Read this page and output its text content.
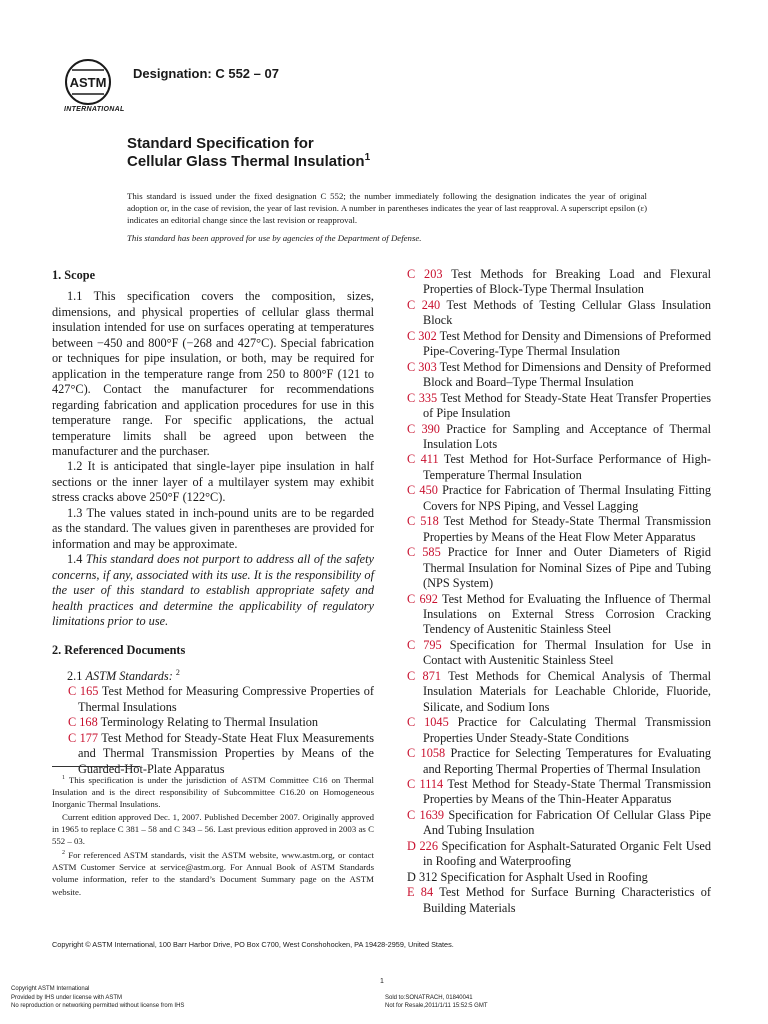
ASTM
INTERNATIONAL
Designation: C 552 – 07
Standard Specification for
Cellular Glass Thermal Insulation$^1$

This standard is issued under the fixed designation C 552; the number immediately following the designation indicates the year of original adoption or, in the case of revision, the year of last revision. A number in parentheses indicates the year of last reapproval. A superscript epsilon (ε) indicates an editorial change since the last revision or reapproval.

This standard has been approved for use by agencies of the Department of Defense.

1. Scope

1.1 This specification covers the composition, sizes, dimensions, and physical properties of cellular glass thermal insulation intended for use on surfaces operating at temperatures between −450 and 800°F (−268 and 427°C). Special fabrication or techniques for pipe insulation, or both, may be required for application in the temperature range from 250 to 800°F (121 to 427°C). Contact the manufacturer for recommendations regarding fabrication and application procedures for use in this temperature range. For specific applications, the actual temperature limits shall be agreed upon between the manufacturer and the purchaser.

1.2 It is anticipated that single-layer pipe insulation in half sections or the inner layer of a multilayer system may exhibit stress cracks above 250°F (122°C).

1.3 The values stated in inch-pound units are to be regarded as the standard. The values given in parentheses are provided for information and may be approximate.

1.4 This standard does not purport to address all of the safety concerns, if any, associated with its use. It is the responsibility of the user of this standard to establish appropriate safety and health practices and determine the applicability of regulatory limitations prior to use.

2. Referenced Documents

2.1 ASTM Standards: $^2$

C 165 Test Method for Measuring Compressive Properties of Thermal Insulations

C 168 Terminology Relating to Thermal Insulation

C 177 Test Method for Steady-State Heat Flux Measurements and Thermal Transmission Properties by Means of the Guarded-Hot-Plate Apparatus

C 203 Test Methods for Breaking Load and Flexural Properties of Block-Type Thermal Insulation

C 240 Test Methods of Testing Cellular Glass Insulation Block

C 302 Test Method for Density and Dimensions of Preformed Pipe-Covering-Type Thermal Insulation

C 303 Test Method for Dimensions and Density of Preformed Block and Board–Type Thermal Insulation

C 335 Test Method for Steady-State Heat Transfer Properties of Pipe Insulation

C 390 Practice for Sampling and Acceptance of Thermal Insulation Lots

C 411 Test Method for Hot-Surface Performance of High-Temperature Thermal Insulation

C 450 Practice for Fabrication of Thermal Insulating Fitting Covers for NPS Piping, and Vessel Lagging

C 518 Test Method for Steady-State Thermal Transmission Properties by Means of the Heat Flow Meter Apparatus

C 585 Practice for Inner and Outer Diameters of Rigid Thermal Insulation for Nominal Sizes of Pipe and Tubing (NPS System)

C 692 Test Method for Evaluating the Influence of Thermal Insulations on External Stress Corrosion Cracking Tendency of Austenitic Stainless Steel

C 795 Specification for Thermal Insulation for Use in Contact with Austenitic Stainless Steel

C 871 Test Methods for Chemical Analysis of Thermal Insulation Materials for Leachable Chloride, Fluoride, Silicate, and Sodium Ions

C 1045 Practice for Calculating Thermal Transmission Properties Under Steady-State Conditions

C 1058 Practice for Selecting Temperatures for Evaluating and Reporting Thermal Properties of Thermal Insulation

C 1114 Test Method for Steady-State Thermal Transmission Properties by Means of the Thin-Heater Apparatus

C 1639 Specification for Fabrication Of Cellular Glass Pipe And Tubing Insulation

D 226 Specification for Asphalt-Saturated Organic Felt Used in Roofing and Waterproofing

D 312 Specification for Asphalt Used in Roofing

E 84 Test Method for Surface Burning Characteristics of Building Materials

$^1$ This specification is under the jurisdiction of ASTM Committee C16 on Thermal Insulation and is the direct responsibility of Subcommittee C16.20 on Homogeneous Inorganic Thermal Insulations.

Current edition approved Dec. 1, 2007. Published December 2007. Originally approved in 1965 to replace C 381 – 58 and C 343 – 56. Last previous edition approved in 2003 as C 552 – 03.

$^2$ For referenced ASTM standards, visit the ASTM website, www.astm.org, or contact ASTM Customer Service at service@astm.org. For Annual Book of ASTM Standards volume information, refer to the standard’s Document Summary page on the ASTM website.

Copyright © ASTM International, 100 Barr Harbor Drive, PO Box C700, West Conshohocken, PA 19428-2959, United States.
1
Copyright ASTM International
Provided by IHS under license with ASTM
No reproduction or networking permitted without license from IHS
Sold to:SONATRACH, 01840041
Not for Resale,2011/1/11 15:52:5 GMT
